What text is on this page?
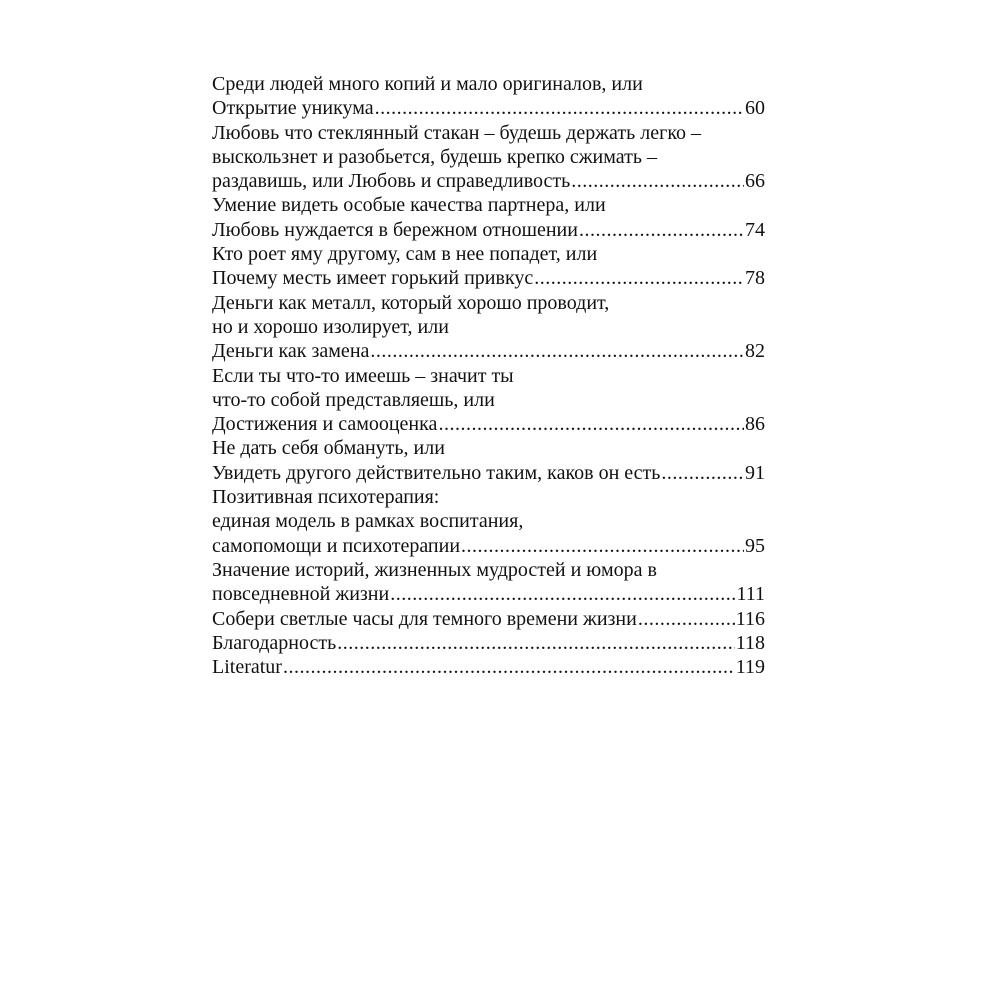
Среди людей много копий и мало оригиналов, или
Открытие уникума .....	60
Любовь что стеклянный стакан – будешь держать легко –
выскользнет и разобьется, будешь крепко сжимать –
раздавишь, или Любовь и справедливость .....	66
Умение видеть особые качества партнера, или
Любовь нуждается в бережном отношении .....	74
Кто роет яму другому, сам в нее попадет, или
Почему месть имеет горький привкус .....	78
Деньги как металл, который хорошо проводит,
но и хорошо изолирует, или
Деньги как замена .....	82
Если ты что-то имеешь – значит ты
что-то собой представляешь, или
Достижения и самооценка .....	86
Не дать себя обмануть, или
Увидеть другого действительно таким, каков он есть .....	91
Позитивная психотерапия:
единая модель в рамках воспитания,
самопомощи и психотерапии .....	95
Значение историй, жизненных мудростей и юмора в
повседневной жизни .....	111
Собери светлые часы для темного времени жизни .....	116
Благодарность .....	118
Literatur .....	119
